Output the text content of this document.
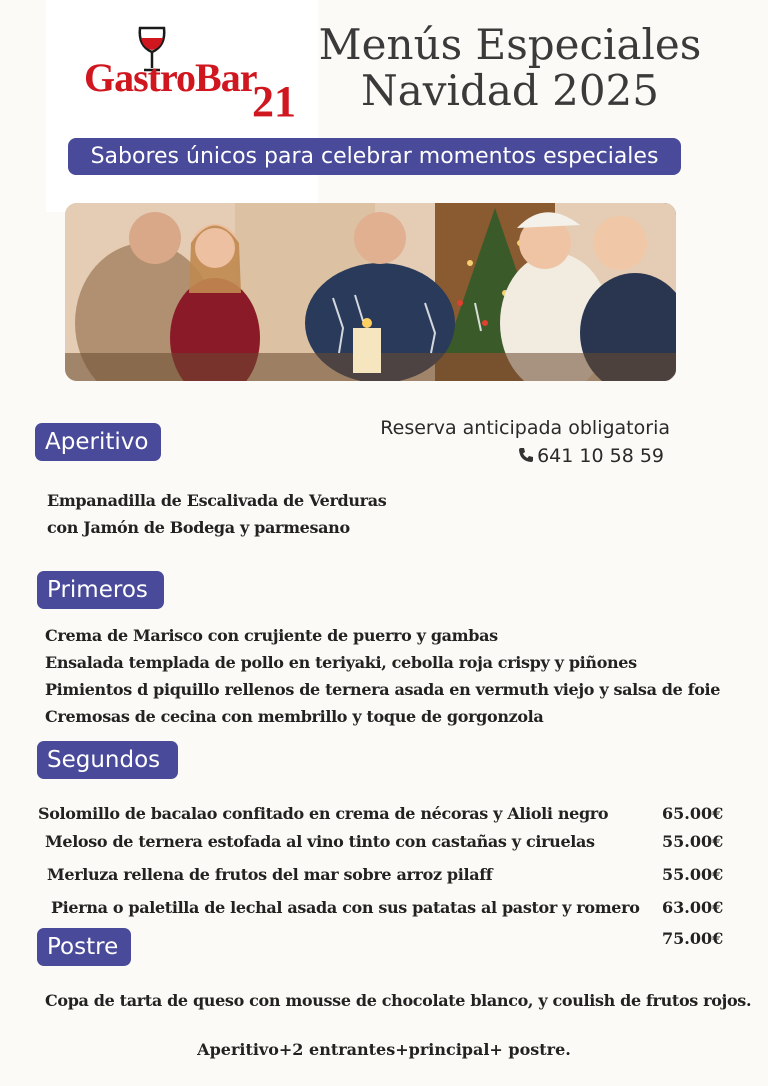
GastroBar
21
Menús Especiales
Navidad 2025
Sabores únicos para celebrar momentos especiales
Aperitivo
Reserva anticipada obligatoria
641 10 58 59
Empanadilla de Escalivada de Verduras
con Jamón de Bodega y parmesano
Primeros
Crema de Marisco con crujiente de puerro y gambas
Ensalada templada de pollo en teriyaki, cebolla roja crispy y piñones
Pimientos d piquillo rellenos de ternera asada en vermuth viejo y salsa de foie
Cremosas de cecina con membrillo y toque de gorgonzola
Segundos
Solomillo de bacalao confitado en crema de nécoras y Alioli negro	65.00€
Meloso de ternera estofada al vino tinto con castañas y ciruelas	55.00€
Merluza rellena de frutos del mar sobre arroz pilaff	55.00€
Pierna o paletilla de lechal asada con sus patatas al pastor y romero 63.00€
Postre	75.00€
Copa de tarta de queso con mousse de chocolate blanco, y coulish de frutos rojos.
Aperitivo+2 entrantes+principal+ postre.
